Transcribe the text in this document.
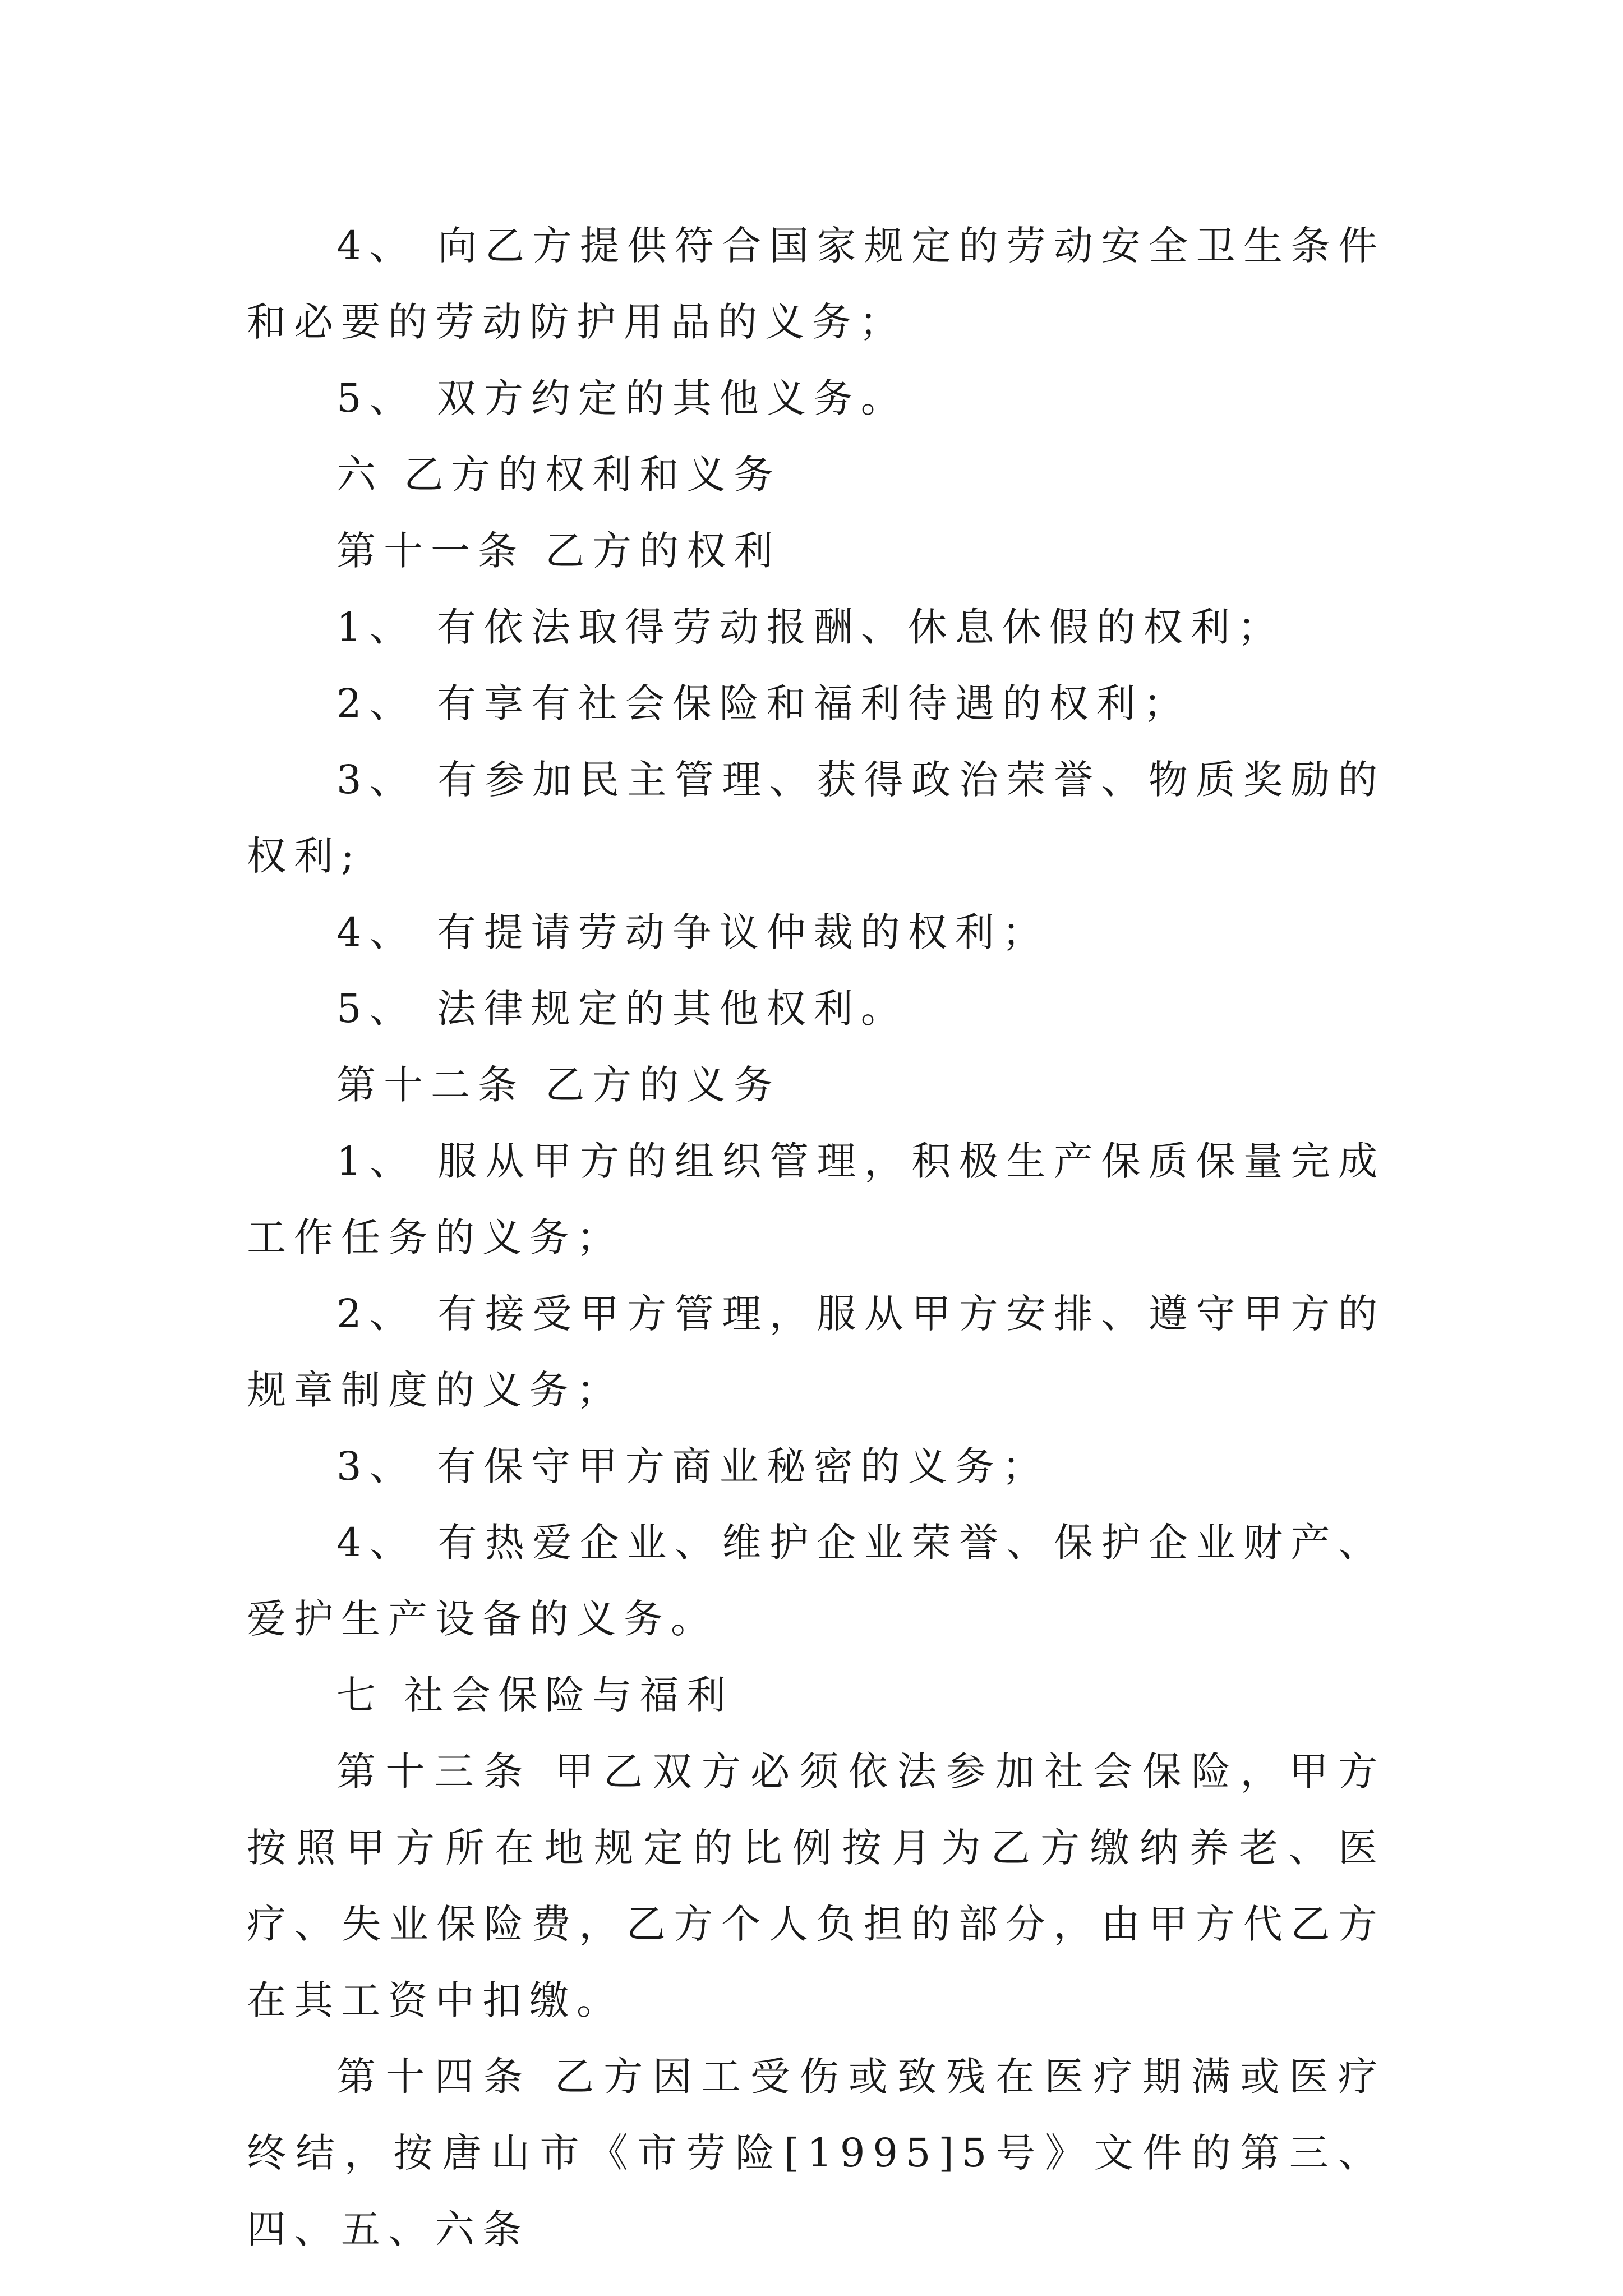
4、 向乙方提供符合国家规定的劳动安全卫生条件和必要的劳动防护用品的义务；

5、 双方约定的其他义务。

六 乙方的权利和义务

第十一条 乙方的权利

1、 有依法取得劳动报酬、休息休假的权利；

2、 有享有社会保险和福利待遇的权利；

3、 有参加民主管理、获得政治荣誉、物质奖励的权利;

4、 有提请劳动争议仲裁的权利；

5、 法律规定的其他权利。

第十二条 乙方的义务

1、 服从甲方的组织管理，积极生产保质保量完成工作任务的义务；

2、 有接受甲方管理，服从甲方安排、遵守甲方的规章制度的义务；

3、 有保守甲方商业秘密的义务；

4、 有热爱企业、维护企业荣誉、保护企业财产、爱护生产设备的义务。

七 社会保险与福利

第十三条 甲乙双方必须依法参加社会保险，甲方按照甲方所在地规定的比例按月为乙方缴纳养老、医疗、失业保险费，乙方个人负担的部分，由甲方代乙方在其工资中扣缴。

第十四条 乙方因工受伤或致残在医疗期满或医疗终结，按唐山市《市劳险[1995]5号》文件的第三、四、五、六条
